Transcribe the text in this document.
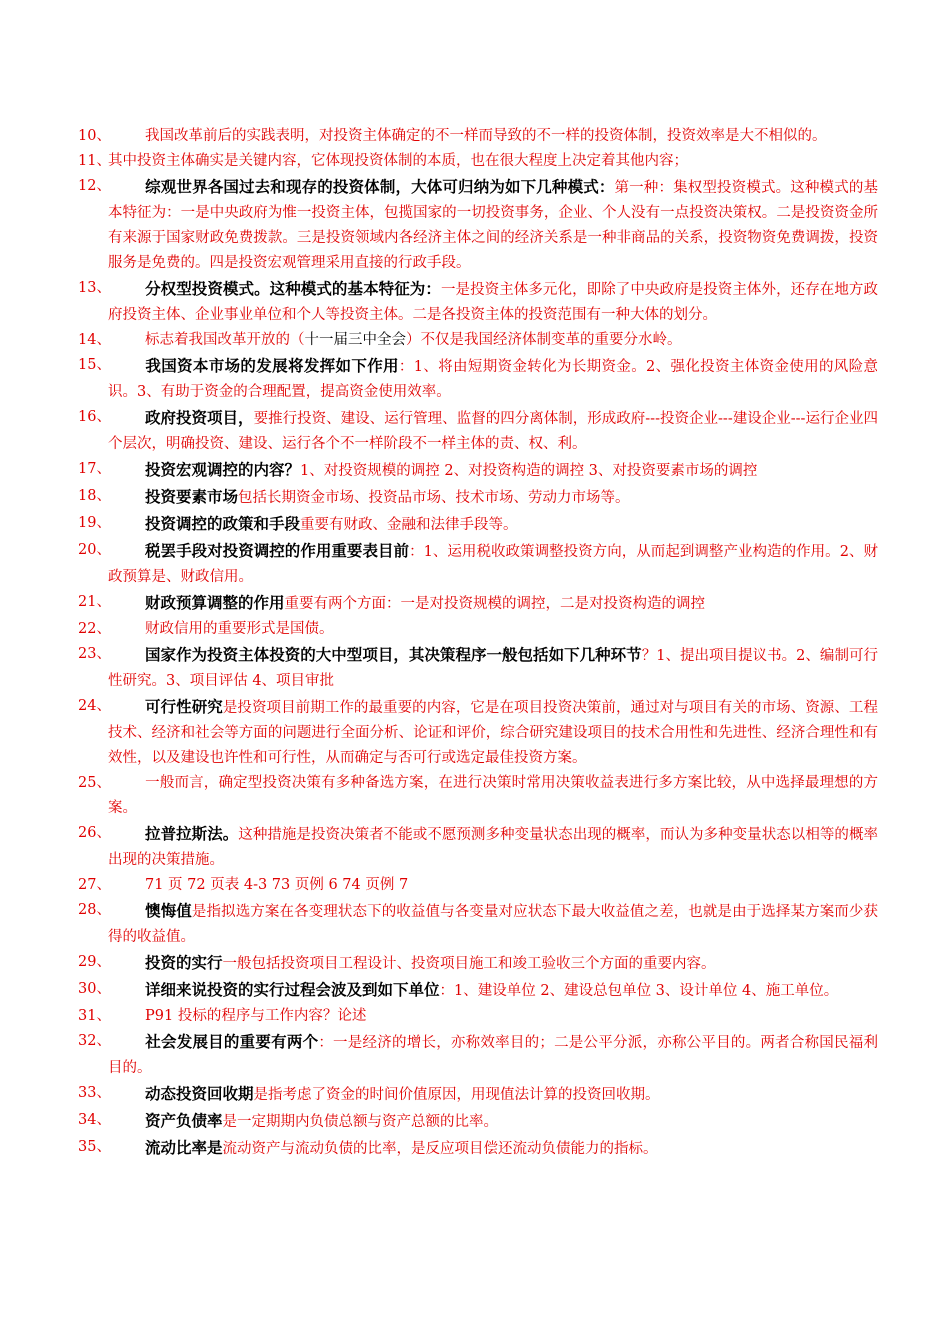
10、	我国改革前后的实践表明，对投资主体确定的不一样而导致的不一样的投资体制，投资效率是大不相似的。
11、
其中投资主体确实是关键内容，它体现投资体制的本质，也在很大程度上决定着其他内容；
12、	综观世界各国过去和现存的投资体制，大体可归纳为如下几种模式：第一种：集权型投资模式。这种模式的基本特征为：一是中央政府为惟一投资主体，包揽国家的一切投资事务，企业、个人没有一点投资决策权。二是投资资金所有来源于国家财政免费拨款。三是投资领域内各经济主体之间的经济关系是一种非商品的关系，投资物资免费调拨，投资服务是免费的。四是投资宏观管理采用直接的行政手段。
13、	分权型投资模式。这种模式的基本特征为：一是投资主体多元化，即除了中央政府是投资主体外，还存在地方政府投资主体、企业事业单位和个人等投资主体。二是各投资主体的投资范围有一种大体的划分。
14、	标志着我国改革开放的（十一届三中全会）不仅是我国经济体制变革的重要分水岭。
15、	我国资本市场的发展将发挥如下作用：1、将由短期资金转化为长期资金。2、强化投资主体资金使用的风险意识。3、有助于资金的合理配置，提高资金使用效率。
16、	政府投资项目，要推行投资、建设、运行管理、监督的四分离体制，形成政府---投资企业---建设企业---运行企业四个层次，明确投资、建设、运行各个不一样阶段不一样主体的责、权、利。
17、	投资宏观调控的内容？1、对投资规模的调控 2、对投资构造的调控 3、对投资要素市场的调控
18、	投资要素市场包括长期资金市场、投资品市场、技术市场、劳动力市场等。
19、	投资调控的政策和手段重要有财政、金融和法律手段等。
20、	税罢手段对投资调控的作用重要表目前：1、运用税收政策调整投资方向，从而起到调整产业构造的作用。2、财政预算是、财政信用。
21、	财政预算调整的作用重要有两个方面：一是对投资规模的调控，二是对投资构造的调控
22、	财政信用的重要形式是国债。
23、	国家作为投资主体投资的大中型项目，其决策程序一般包括如下几种环节？1、提出项目提议书。2、编制可行性研究。3、项目评估 4、项目审批
24、	可行性研究是投资项目前期工作的最重要的内容，它是在项目投资决策前，通过对与项目有关的市场、资源、工程技术、经济和社会等方面的问题进行全面分析、论证和评价，综合研究建设项目的技术合用性和先进性、经济合理性和有效性，以及建设也许性和可行性，从而确定与否可行或选定最佳投资方案。
25、	一般而言，确定型投资决策有多种备选方案，在进行决策时常用决策收益表进行多方案比较，从中选择最理想的方案。
26、	拉普拉斯法。这种措施是投资决策者不能或不愿预测多种变量状态出现的概率，而认为多种变量状态以相等的概率出现的决策措施。
27、	71 页 72 页表 4-3 73 页例 6 74 页例 7
28、	懊悔值是指拟选方案在各变理状态下的收益值与各变量对应状态下最大收益值之差，也就是由于选择某方案而少获得的收益值。
29、	投资的实行一般包括投资项目工程设计、投资项目施工和竣工验收三个方面的重要内容。
30、	详细来说投资的实行过程会波及到如下单位：1、建设单位 2、建设总包单位 3、设计单位 4、施工单位。
31、	P91 投标的程序与工作内容？论述
32、	社会发展目的重要有两个：一是经济的增长，亦称效率目的；二是公平分派，亦称公平目的。两者合称国民福利目的。
33、	动态投资回收期是指考虑了资金的时间价值原因，用现值法计算的投资回收期。
34、	资产负债率是一定期期内负债总额与资产总额的比率。
35、	流动比率是流动资产与流动负债的比率，是反应项目偿还流动负债能力的指标。
